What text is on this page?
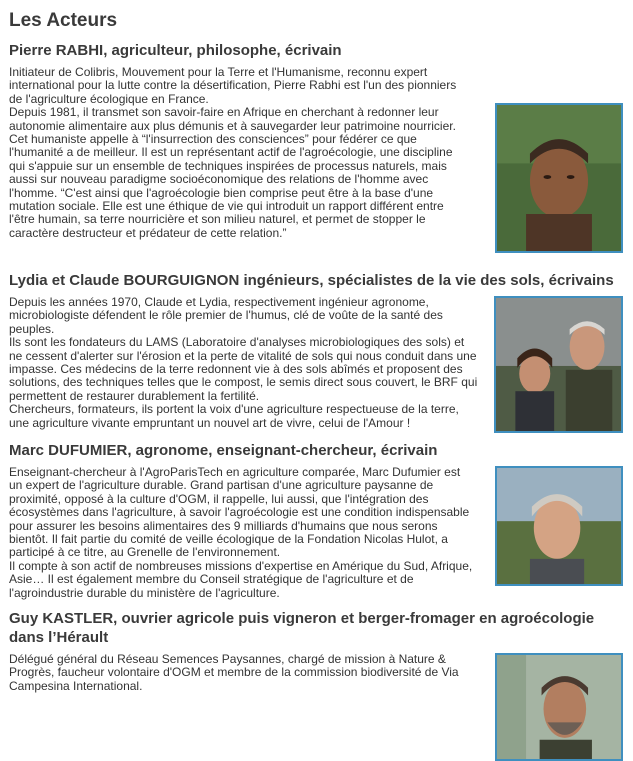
Les Acteurs
Pierre RABHI, agriculteur, philosophe, écrivain

Initiateur de Colibris, Mouvement pour la Terre et l'Humanisme, reconnu expert international pour la lutte contre la désertification, Pierre Rabhi est l'un des pionniers de l'agriculture écologique en France.

Depuis 1981, il transmet son savoir-faire en Afrique en cherchant à redonner leur autonomie alimentaire aux plus démunis et à sauvegarder leur patrimoine nourricier.

Cet humaniste appelle à “l'insurrection des consciences” pour fédérer ce que l'humanité a de meilleur. Il est un représentant actif de l'agroécologie, une discipline qui s'appuie sur un ensemble de techniques inspirées de processus naturels, mais aussi sur nouveau paradigme socioéconomique des relations de l'homme avec l'homme. “C'est ainsi que l'agroécologie bien comprise peut être à la base d'une mutation sociale. Elle est une éthique de vie qui introduit un rapport différent entre l'être humain, sa terre nourricière et son milieu naturel, et permet de stopper le caractère destructeur et prédateur de cette relation.”

Lydia et Claude BOURGUIGNON ingénieurs, spécialistes de la vie des sols, écrivains

Depuis les années 1970, Claude et Lydia, respectivement ingénieur agronome, microbiologiste défendent le rôle premier de l'humus, clé de voûte de la santé des peuples.

Ils sont les fondateurs du LAMS (Laboratoire d'analyses microbiologiques des sols) et ne cessent d'alerter sur l'érosion et la perte de vitalité de sols qui nous conduit dans une impasse. Ces médecins de la terre redonnent vie à des sols abîmés et proposent des solutions, des techniques telles que le compost, le semis direct sous couvert, le BRF qui permettent de restaurer durablement la fertilité.

Chercheurs, formateurs, ils portent la voix d'une agriculture respectueuse de la terre, une agriculture vivante empruntant un nouvel art de vivre, celui de l'Amour !

Marc DUFUMIER, agronome, enseignant-chercheur, écrivain

Enseignant-chercheur à l'AgroParisTech en agriculture comparée, Marc Dufumier est un expert de l'agriculture durable. Grand partisan d'une agriculture paysanne de proximité, opposé à la culture d'OGM, il rappelle, lui aussi, que l'intégration des écosystèmes dans l'agriculture, à savoir l'agroécologie est une condition indispensable pour assurer les besoins alimentaires des 9 milliards d'humains que nous serons bientôt. Il fait partie du comité de veille écologique de la Fondation Nicolas Hulot, a participé à ce titre, au Grenelle de l'environnement.

Il compte à son actif de nombreuses missions d'expertise en Amérique du Sud, Afrique, Asie… Il est également membre du Conseil stratégique de l'agriculture et de l'agroindustrie durable du ministère de l'agriculture.

Guy KASTLER, ouvrier agricole puis vigneron et berger-fromager en agroécologie dans l’Hérault

Délégué général du Réseau Semences Paysannes, chargé de mission à Nature & Progrès, faucheur volontaire d'OGM et membre de la commission biodiversité de Via Campesina International.
